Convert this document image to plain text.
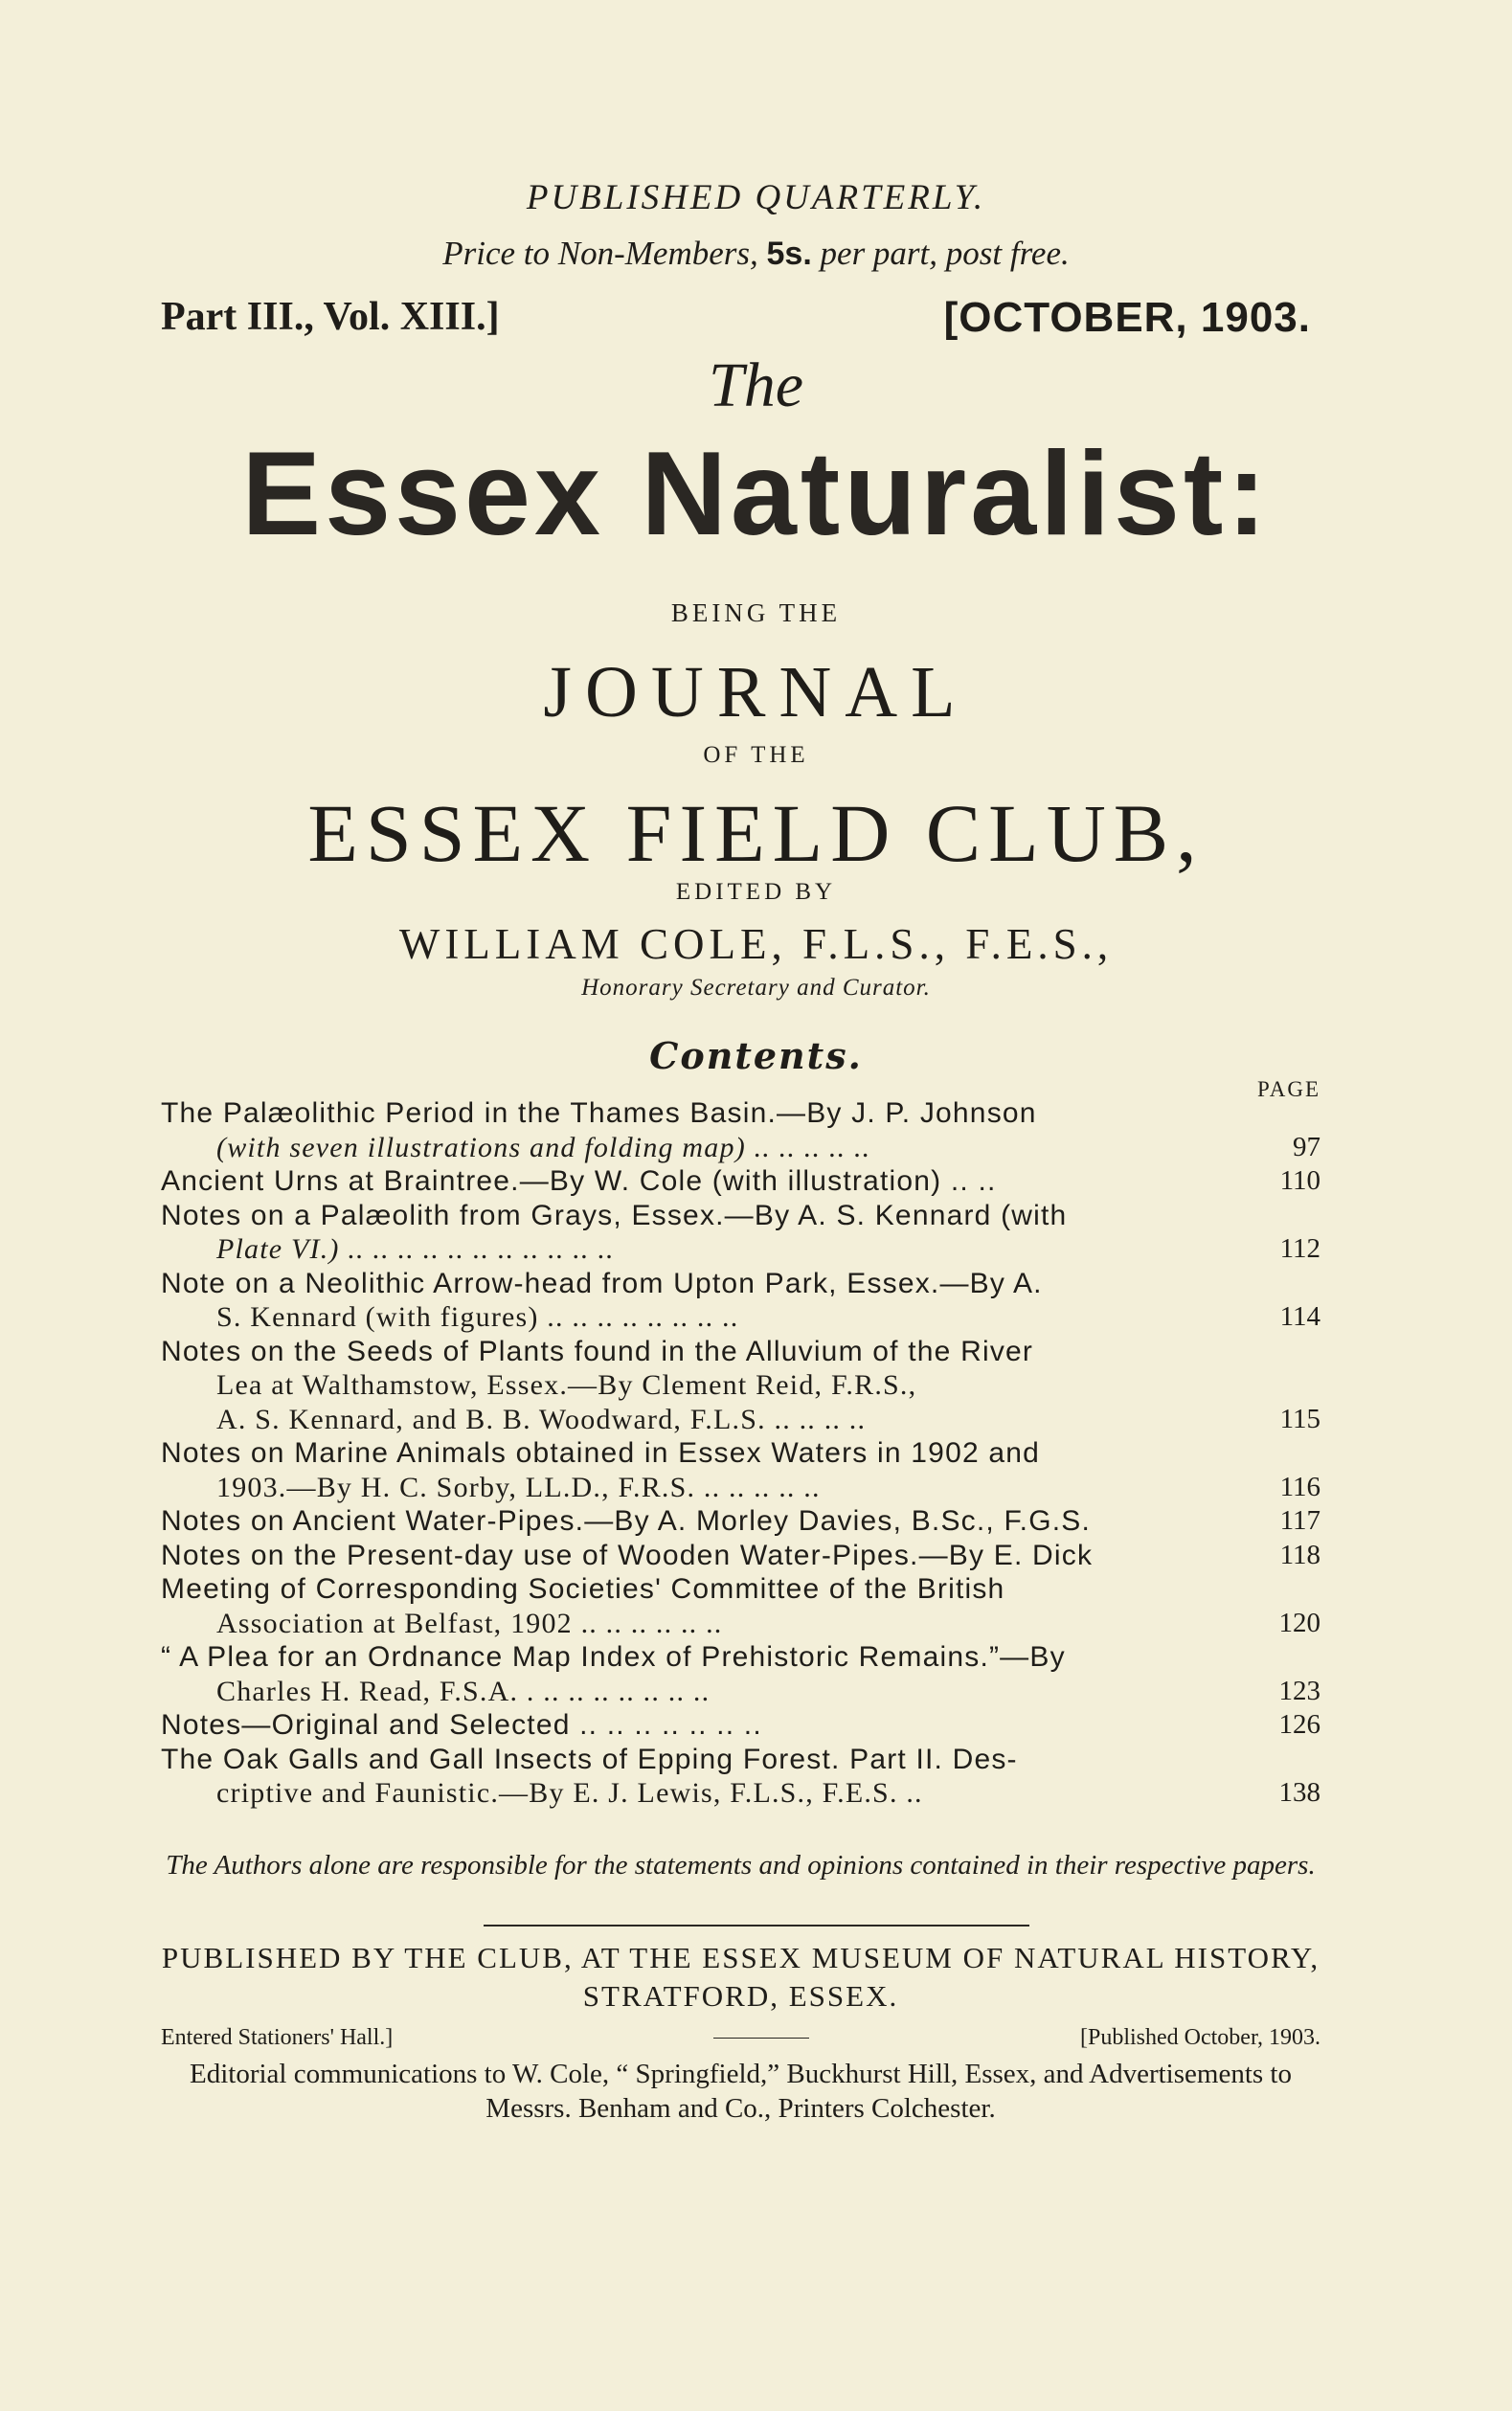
PUBLISHED QUARTERLY.
Price to Non-Members, 5s. per part, post free.
Part III., Vol. XIII.]	[OCTOBER, 1903.
The
Essex Naturalist:
BEING THE
JOURNAL
OF THE
ESSEX FIELD CLUB,
EDITED BY
WILLIAM COLE, F.L.S., F.E.S.,
Honorary Secretary and Curator.
Contents.
PAGE
The Palæolithic Period in the Thames Basin.—By J. P. Johnson
(with seven illustrations and folding map) .. .. .. .. ..	97
Ancient Urns at Braintree.—By W. Cole (with illustration) .. ..	110
Notes on a Palæolith from Grays, Essex.—By A. S. Kennard (with
Plate VI.) .. .. .. .. .. .. .. .. .. .. ..	112
Note on a Neolithic Arrow-head from Upton Park, Essex.—By A.
S. Kennard (with figures) .. .. .. .. .. .. .. ..	114
Notes on the Seeds of Plants found in the Alluvium of the River
Lea at Walthamstow, Essex.—By Clement Reid, F.R.S.,
A. S. Kennard, and B. B. Woodward, F.L.S. .. .. .. ..	115
Notes on Marine Animals obtained in Essex Waters in 1902 and
1903.—By H. C. Sorby, LL.D., F.R.S. .. .. .. .. ..	116
Notes on Ancient Water-Pipes.—By A. Morley Davies, B.Sc., F.G.S.	117
Notes on the Present-day use of Wooden Water-Pipes.—By E. Dick	118
Meeting of Corresponding Societies' Committee of the British
Association at Belfast, 1902 .. .. .. .. .. ..	120
“ A Plea for an Ordnance Map Index of Prehistoric Remains.”—By
Charles H. Read, F.S.A. . .. .. .. .. .. .. ..	123
Notes—Original and Selected .. .. .. .. .. .. ..	126
The Oak Galls and Gall Insects of Epping Forest. Part II. Des-
criptive and Faunistic.—By E. J. Lewis, F.L.S., F.E.S. ..	138
The Authors alone are responsible for the statements and opinions contained in their respective papers.
PUBLISHED BY THE CLUB, AT THE ESSEX MUSEUM OF NATURAL HISTORY, STRATFORD, ESSEX.
Entered Stationers' Hall.]	[Published October, 1903.
Editorial communications to W. Cole, “ Springfield,” Buckhurst Hill, Essex, and Advertisements to Messrs. Benham and Co., Printers Colchester.
